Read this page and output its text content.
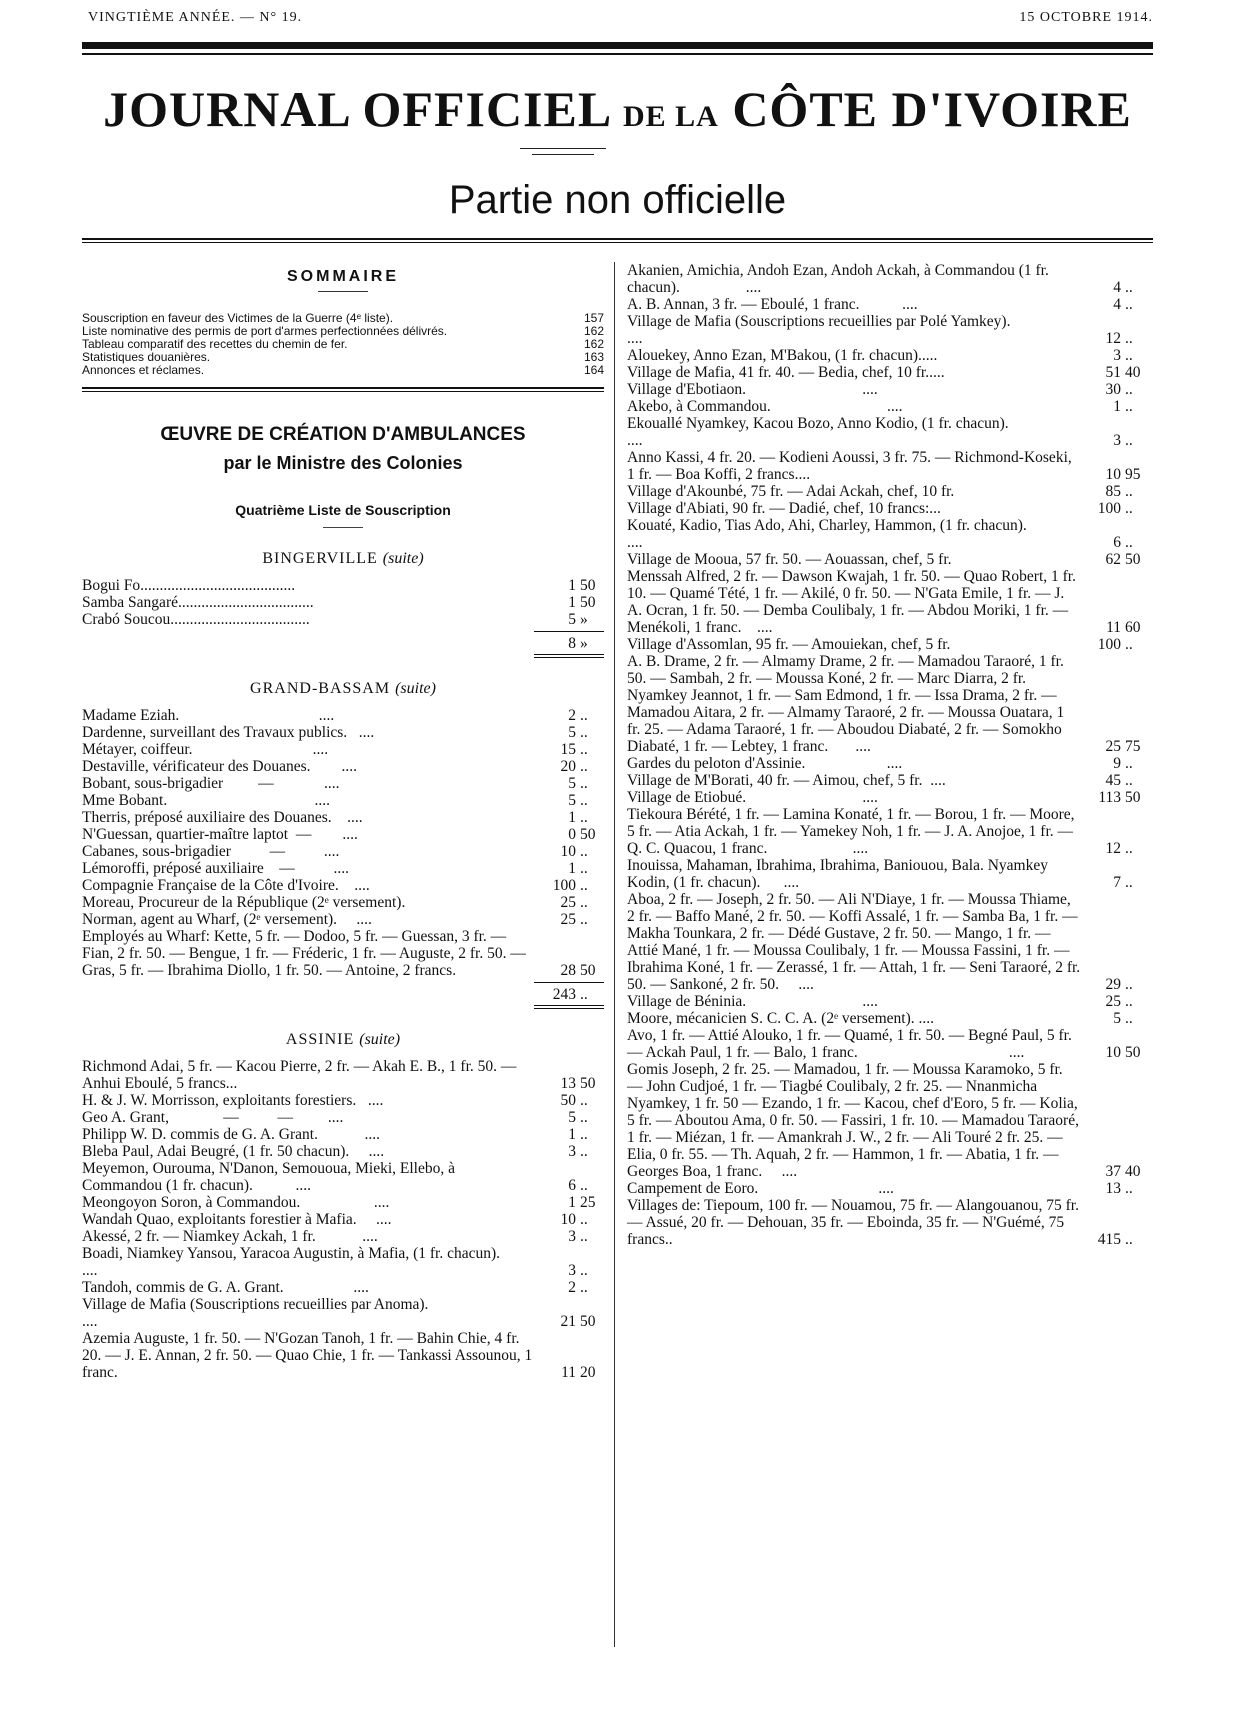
VINGTIÈME ANNÉE. — N° 19.	15 OCTOBRE 1914.
JOURNAL OFFICIEL DE LA CÔTE D'IVOIRE
Partie non officielle
SOMMAIRE
Souscription en faveur des Victimes de la Guerre (4ᵉ liste).	157
Liste nominative des permis de port d'armes perfectionnées délivrés.	162
Tableau comparatif des recettes du chemin de fer.	162
Statistiques douanières.	163
Annonces et réclames.	164
ŒUVRE DE CRÉATION D'AMBULANCES
par le Ministre des Colonies
Quatrième Liste de Souscription
BINGERVILLE (suite)
Bogui Fo........................................	1 50
Samba Sangaré...................................	1 50
Crabó Soucou....................................	5 »
8 »
GRAND-BASSAM (suite)
Madame Eziah.                                    ....	2 ..
Dardenne, surveillant des Travaux publics.   ....	5 ..
Métayer, coiffeur.                               ....	15 ..
Destaville, vérificateur des Douanes.        ....	20 ..
Bobant, sous-brigadier         —             ....	5 ..
Mme Bobant.                                      ....	5 ..
Therris, préposé auxiliaire des Douanes.    ....	1 ..
N'Guessan, quartier-maître laptot  —        ....	0 50
Cabanes, sous-brigadier          —          ....	10 ..
Lémoroffi, préposé auxiliaire    —          ....	1 ..
Compagnie Française de la Côte d'Ivoire.    ....	100 ..
Moreau, Procureur de la République (2ᵉ versement).	25 ..
Norman, agent au Wharf, (2ᵉ versement).     ....	25 ..
Employés au Wharf: Kette, 5 fr. — Dodoo, 5 fr. — Guessan, 3 fr. — Fian, 2 fr. 50. — Bengue, 1 fr. — Fréderic, 1 fr. — Auguste, 2 fr. 50. — Gras, 5 fr. — Ibrahima Diollo, 1 fr. 50. — Antoine, 2 francs.	28 50
243 ..
ASSINIE (suite)
Richmond Adai, 5 fr. — Kacou Pierre, 2 fr. — Akah E. B., 1 fr. 50. — Anhui Eboulé, 5 francs...	13 50
H. & J. W. Morrisson, exploitants forestiers.   ....	50 ..
Geo A. Grant,              —          —         ....	5 ..
Philipp W. D. commis de G. A. Grant.            ....	1 ..
Bleba Paul, Adai Beugré, (1 fr. 50 chacun).     ....	3 ..
Meyemon, Ourouma, N'Danon, Semououa, Mieki, Ellebo, à Commandou (1 fr. chacun).           ....	6 ..
Meongoyon Soron, à Commandou.                   ....	1 25
Wandah Quao, exploitants forestier à Mafia.     ....	10 ..
Akessé, 2 fr. — Niamkey Ackah, 1 fr.            ....	3 ..
Boadi, Niamkey Yansou, Yaracoa Augustin, à Mafia, (1 fr. chacun).                        ....	3 ..
Tandoh, commis de G. A. Grant.                  ....	2 ..
Village de Mafia (Souscriptions recueillies par Anoma).                                  ....	21 50
Azemia Auguste, 1 fr. 50. — N'Gozan Tanoh, 1 fr. — Bahin Chie, 4 fr. 20. — J. E. Annan, 2 fr. 50. — Quao Chie, 1 fr. — Tankassi Assounou, 1 franc.	11 20
Akanien, Amichia, Andoh Ezan, Andoh Ackah, à Commandou (1 fr. chacun).                 ....	4 ..
A. B. Annan, 3 fr. — Eboulé, 1 franc.           ....	4 ..
Village de Mafia (Souscriptions recueillies par Polé Yamkey).                            ....	12 ..
Alouekey, Anno Ezan, M'Bakou, (1 fr. chacun).....	3 ..
Village de Mafia, 41 fr. 40. — Bedia, chef, 10 fr.....	51 40
Village d'Ebotiaon.                              ....	30 ..
Akebo, à Commandou.                              ....	1 ..
Ekouallé Nyamkey, Kacou Bozo, Anno Kodio, (1 fr. chacun).                           ....	3 ..
Anno Kassi, 4 fr. 20. — Kodieni Aoussi, 3 fr. 75. — Richmond-Koseki, 1 fr. — Boa Koffi, 2 francs....	10 95
Village d'Akounbé, 75 fr. — Adai Ackah, chef, 10 fr.	85 ..
Village d'Abiati, 90 fr. — Dadié, chef, 10 francs:...	100 ..
Kouaté, Kadio, Tias Ado, Ahi, Charley, Hammon, (1 fr. chacun).                        ....	6 ..
Village de Mooua, 57 fr. 50. — Aouassan, chef, 5 fr.	62 50
Menssah Alfred, 2 fr. — Dawson Kwajah, 1 fr. 50. — Quao Robert, 1 fr. 10. — Quamé Tété, 1 fr. — Akilé, 0 fr. 50. — N'Gata Emile, 1 fr. — J. A. Ocran, 1 fr. 50. — Demba Coulibaly, 1 fr. — Abdou Moriki, 1 fr. — Menékoli, 1 franc.    ....	11 60
Village d'Assomlan, 95 fr. — Amouiekan, chef, 5 fr.	100 ..
A. B. Drame, 2 fr. — Almamy Drame, 2 fr. — Mamadou Taraoré, 1 fr. 50. — Sambah, 2 fr. — Moussa Koné, 2 fr. — Marc Diarra, 2 fr. Nyamkey Jeannot, 1 fr. — Sam Edmond, 1 fr. — Issa Drama, 2 fr. — Mamadou Aitara, 2 fr. — Almamy Taraoré, 2 fr. — Moussa Ouatara, 1 fr. 25. — Adama Taraoré, 1 fr. — Aboudou Diabaté, 2 fr. — Somokho Diabaté, 1 fr. — Lebtey, 1 franc.       ....	25 75
Gardes du peloton d'Assinie.                     ....	9 ..
Village de M'Borati, 40 fr. — Aimou, chef, 5 fr.  ....	45 ..
Village de Etiobué.                              ....	113 50
Tiekoura Bérété, 1 fr. — Lamina Konaté, 1 fr. — Borou, 1 fr. — Moore, 5 fr. — Atia Ackah, 1 fr. — Yamekey Noh, 1 fr. — J. A. Anojoe, 1 fr. — Q. C. Quacou, 1 franc.                      ....	12 ..
Inouissa, Mahaman, Ibrahima, Ibrahima, Baniouou, Bala. Nyamkey Kodin, (1 fr. chacun).      ....	7 ..
Aboa, 2 fr. — Joseph, 2 fr. 50. — Ali N'Diaye, 1 fr. — Moussa Thiame, 2 fr. — Baffo Mané, 2 fr. 50. — Koffi Assalé, 1 fr. — Samba Ba, 1 fr. — Makha Tounkara, 2 fr. — Dédé Gustave, 2 fr. 50. — Mango, 1 fr. — Attié Mané, 1 fr. — Moussa Coulibaly, 1 fr. — Moussa Fassini, 1 fr. — Ibrahima Koné, 1 fr. — Zerassé, 1 fr. — Attah, 1 fr. — Seni Taraoré, 2 fr. 50. — Sankoné, 2 fr. 50.     ....	29 ..
Village de Béninia.                              ....	25 ..
Moore, mécanicien S. C. C. A. (2ᵉ versement). ....	5 ..
Avo, 1 fr. — Attié Alouko, 1 fr. — Quamé, 1 fr. 50. — Begné Paul, 5 fr. — Ackah Paul, 1 fr. — Balo, 1 franc.                                       ....	10 50
Gomis Joseph, 2 fr. 25. — Mamadou, 1 fr. — Moussa Karamoko, 5 fr. — John Cudjoé, 1 fr. — Tiagbé Coulibaly, 2 fr. 25. — Nnanmicha Nyamkey, 1 fr. 50 — Ezando, 1 fr. — Kacou, chef d'Eoro, 5 fr. — Kolia, 5 fr. — Aboutou Ama, 0 fr. 50. — Fassiri, 1 fr. 10. — Mamadou Taraoré, 1 fr. — Miézan, 1 fr. — Amankrah J. W., 2 fr. — Ali Touré 2 fr. 25. — Elia, 0 fr. 55. — Th. Aquah, 2 fr. — Hammon, 1 fr. — Abatia, 1 fr. — Georges Boa, 1 franc.     ....	37 40
Campement de Eoro.                               ....	13 ..
Villages de: Tiepoum, 100 fr. — Nouamou, 75 fr. — Alangouanou, 75 fr. — Assué, 20 fr. — Dehouan, 35 fr. — Eboinda, 35 fr. — N'Guémé, 75 francs..	415 ..
